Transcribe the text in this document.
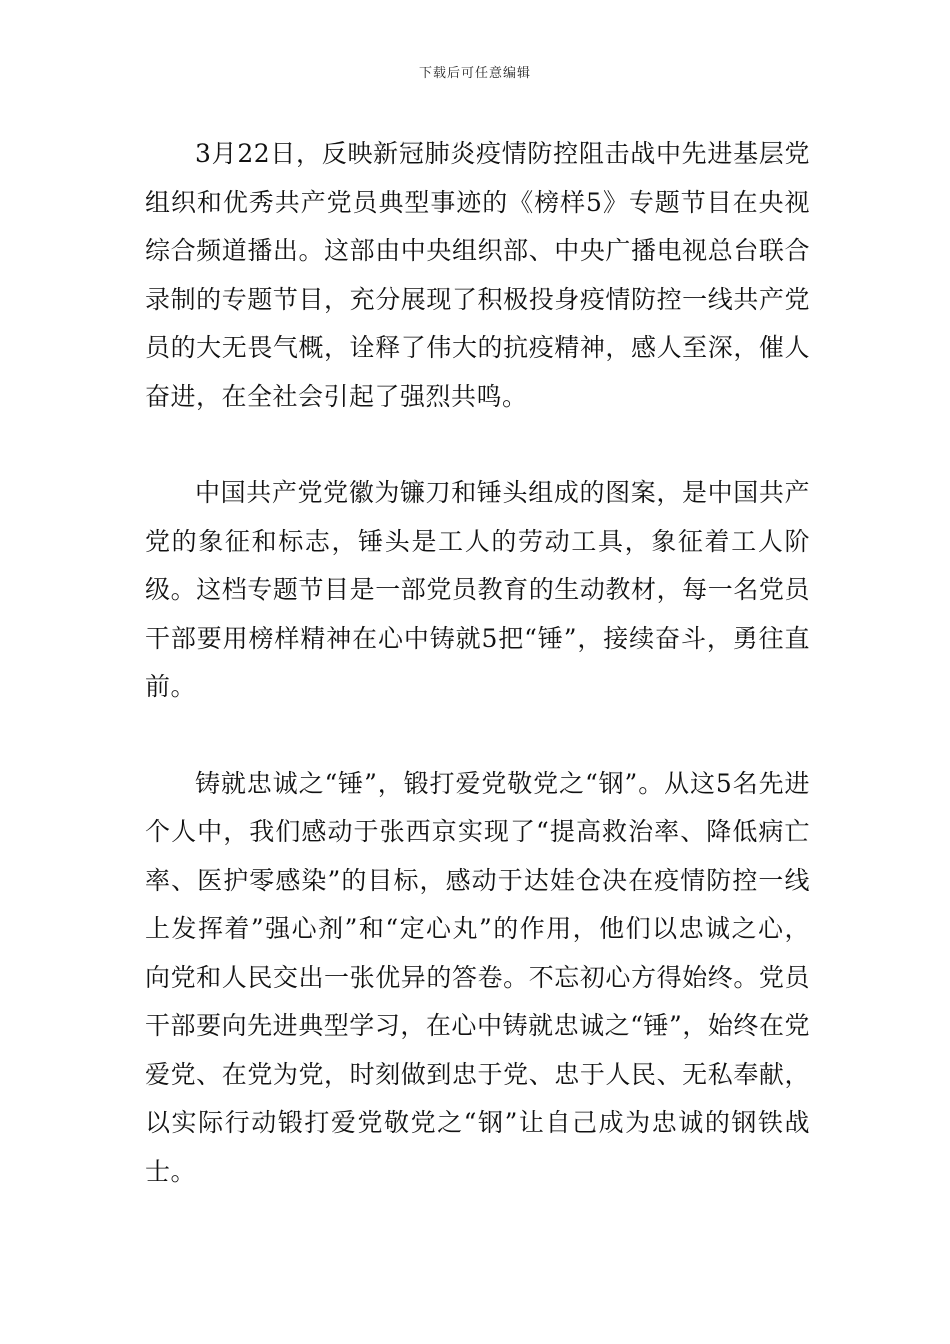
下载后可任意编辑

3月22日，反映新冠肺炎疫情防控阻击战中先进基层党组织和优秀共产党员典型事迹的《榜样5》专题节目在央视综合频道播出。这部由中央组织部、中央广播电视总台联合录制的专题节目，充分展现了积极投身疫情防控一线共产党员的大无畏气概，诠释了伟大的抗疫精神，感人至深，催人奋进，在全社会引起了强烈共鸣。

中国共产党党徽为镰刀和锤头组成的图案，是中国共产党的象征和标志，锤头是工人的劳动工具，象征着工人阶级。这档专题节目是一部党员教育的生动教材，每一名党员干部要用榜样精神在心中铸就5把“锤”，接续奋斗，勇往直前。

铸就忠诚之“锤”，锻打爱党敬党之“钢”。从这5名先进个人中，我们感动于张西京实现了“提高救治率、降低病亡率、医护零感染”的目标，感动于达娃仓决在疫情防控一线上发挥着”强心剂”和“定心丸”的作用，他们以忠诚之心，向党和人民交出一张优异的答卷。不忘初心方得始终。党员干部要向先进典型学习，在心中铸就忠诚之“锤”，始终在党爱党、在党为党，时刻做到忠于党、忠于人民、无私奉献，以实际行动锻打爱党敬党之“钢”让自己成为忠诚的钢铁战士。
